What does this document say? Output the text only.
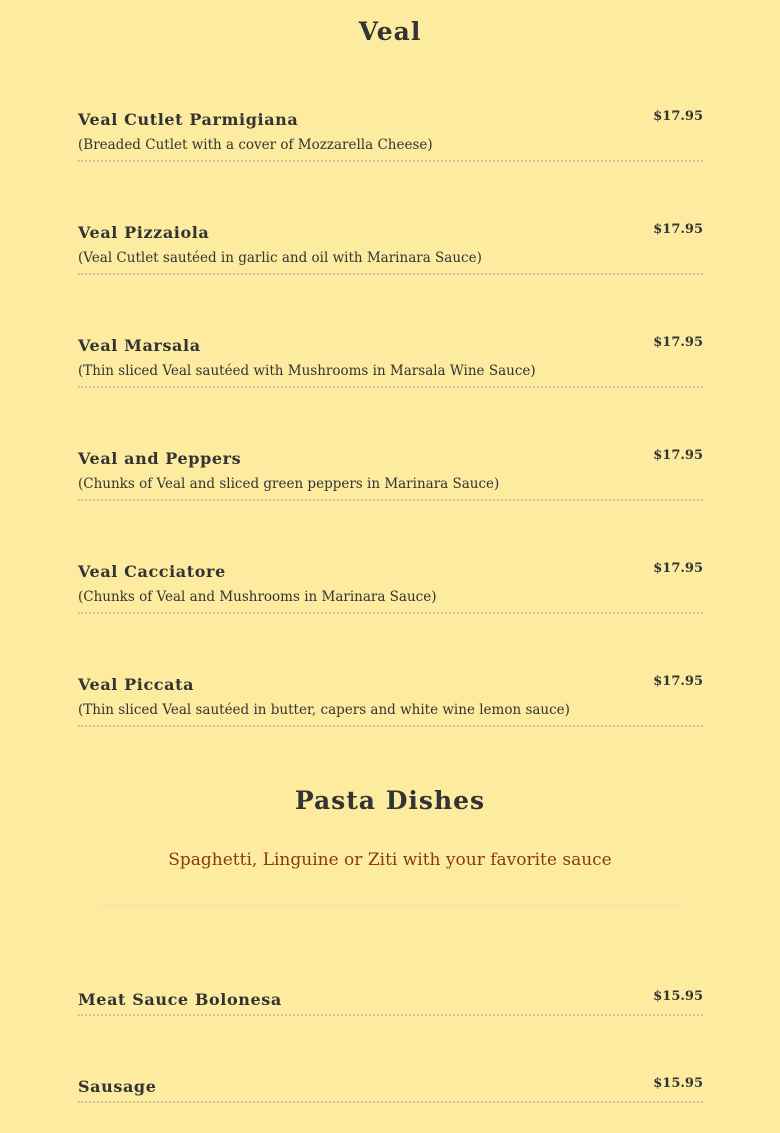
Veal
Veal Cutlet Parmigiana	$17.95
(Breaded Cutlet with a cover of Mozzarella Cheese)
Veal Pizzaiola	$17.95
(Veal Cutlet sautéed in garlic and oil with Marinara Sauce)
Veal Marsala	$17.95
(Thin sliced Veal sautéed with Mushrooms in Marsala Wine Sauce)
Veal and Peppers	$17.95
(Chunks of Veal and sliced green peppers in Marinara Sauce)
Veal Cacciatore	$17.95
(Chunks of Veal and Mushrooms in Marinara Sauce)
Veal Piccata	$17.95
(Thin sliced Veal sautéed in butter, capers and white wine lemon sauce)
Pasta Dishes
Spaghetti, Linguine or Ziti with your favorite sauce
Meat Sauce Bolonesa	$15.95
Sausage	$15.95
